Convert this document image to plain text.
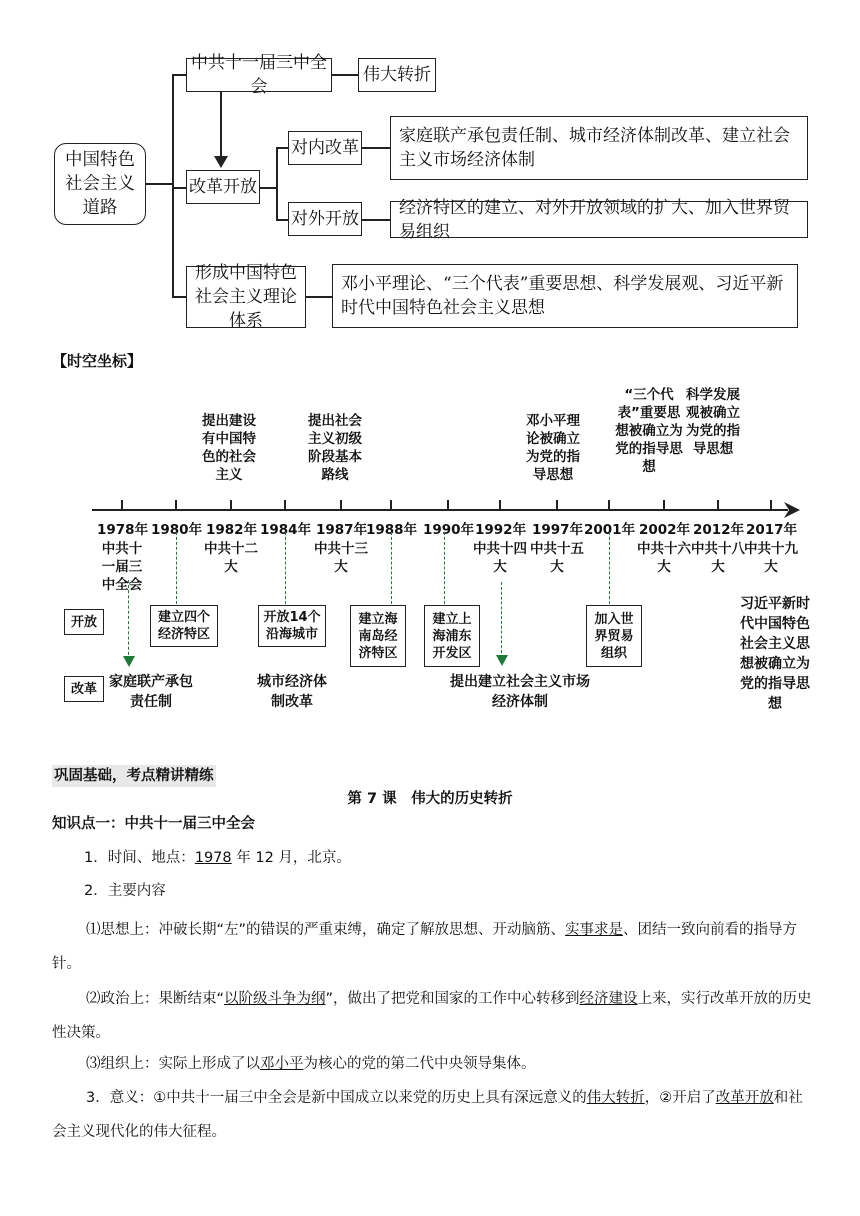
中国特色社会主义道路
中共十一届三中全会
伟大转折
改革开放
对内改革
家庭联产承包责任制、城市经济体制改革、建立社会主义市场经济体制
对外开放
经济特区的建立、对外开放领域的扩大、加入世界贸易组织
形成中国特色社会主义理论体系
邓小平理论、“三个代表”重要思想、科学发展观、习近平新时代中国特色社会主义思想
【时空坐标】
提出建设有中国特色的社会主义
提出社会主义初级阶段基本路线
邓小平理论被确立为党的指导思想
“三个代表”重要思想被确立为党的指导思想
科学发展观被确立为党的指导思想
1978年 1980年 1982年 1984年 1987年
1988年 1990年 1992年 1997年 2001年 2002年 2012年 2017年
中共十一届三中全会
中共十二大
中共十三大
中共十四大
中共十五大
中共十六大
中共十八大
中共十九大
开放
改革
建立四个经济特区
开放14个沿海城市
建立海南岛经济特区
建立上海浦东开发区
加入世界贸易组织
家庭联产承包责任制
城市经济体制改革
提出建立社会主义市场经济体制
习近平新时代中国特色社会主义思想被确立为党的指导思想
巩固基础，考点精讲精练
第 7 课　伟大的历史转折
知识点一：中共十一届三中全会
1．时间、地点：1978 年 12 月，北京。
2．主要内容
⑴思想上：冲破长期“左”的错误的严重束缚，确定了解放思想、开动脑筋、实事求是、团结一致向前看的指导方针。
⑵政治上：果断结束“以阶级斗争为纲”，做出了把党和国家的工作中心转移到经济建设上来，实行改革开放的历史性决策。
⑶组织上：实际上形成了以邓小平为核心的党的第二代中央领导集体。
3．意义：①中共十一届三中全会是新中国成立以来党的历史上具有深远意义的伟大转折，②开启了改革开放和社会主义现代化的伟大征程。
